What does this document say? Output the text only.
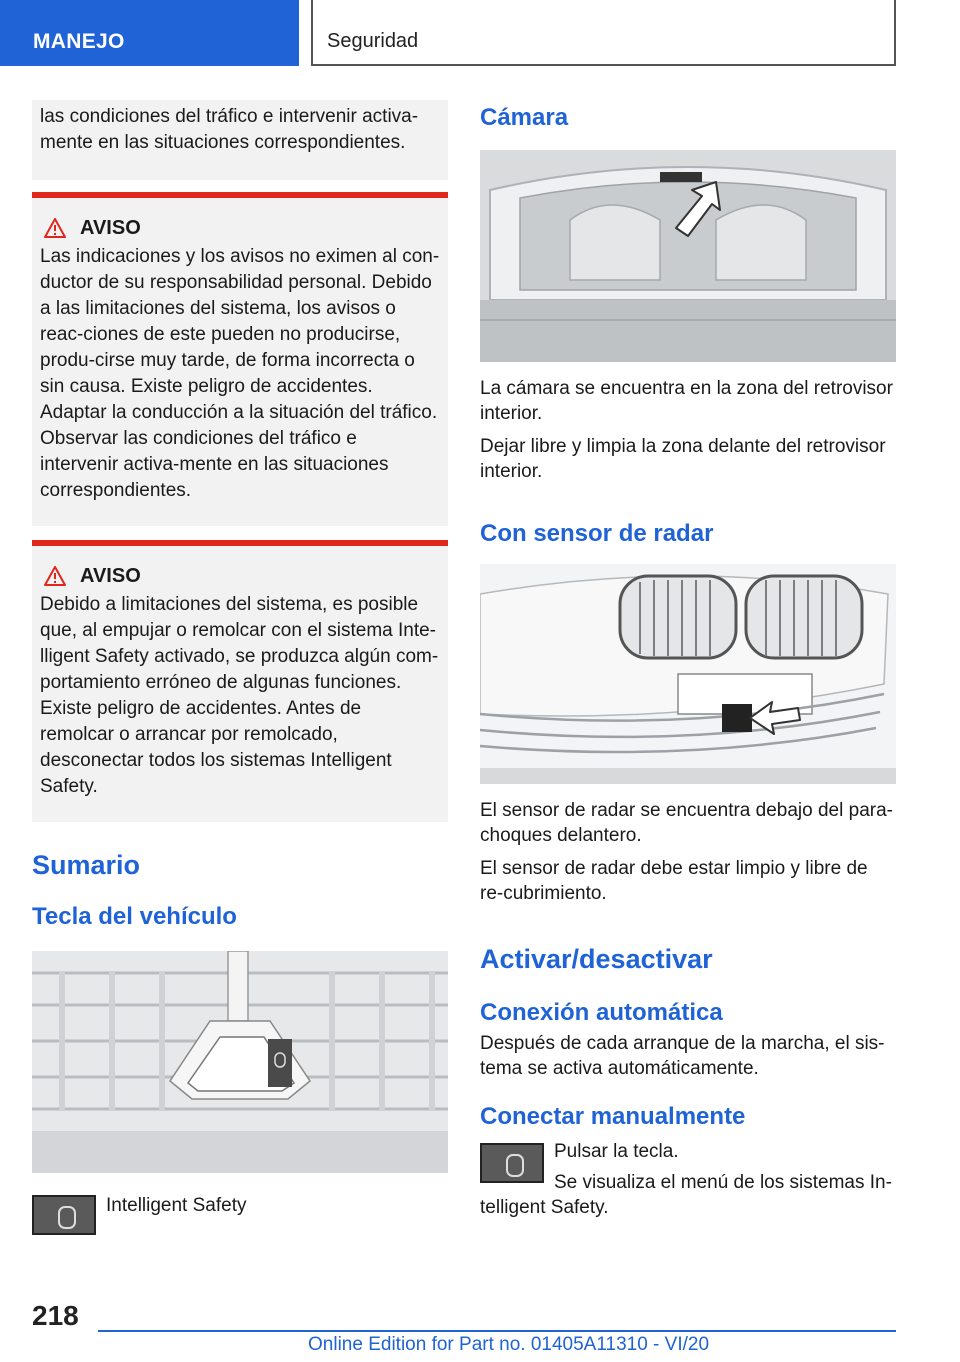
MANEJO	Seguridad

las condiciones del tráfico e intervenir activa-mente en las situaciones correspondientes.

AVISO

Las indicaciones y los avisos no eximen al con-ductor de su responsabilidad personal. Debido a las limitaciones del sistema, los avisos o reac-ciones de este pueden no producirse, produ-cirse muy tarde, de forma incorrecta o sin causa. Existe peligro de accidentes. Adaptar la conducción a la situación del tráfico. Observar las condiciones del tráfico e intervenir activa-mente en las situaciones correspondientes.

AVISO

Debido a limitaciones del sistema, es posible que, al empujar o remolcar con el sistema Inte-lligent Safety activado, se produzca algún com-portamiento erróneo de algunas funciones. Existe peligro de accidentes. Antes de remolcar o arrancar por remolcado, desconectar todos los sistemas Intelligent Safety.

Sumario
Tecla del vehículo

Intelligent Safety

Cámara

La cámara se encuentra en la zona del retrovisor interior.

Dejar libre y limpia la zona delante del retrovisor interior.

Con sensor de radar

El sensor de radar se encuentra debajo del para-choques delantero.

El sensor de radar debe estar limpio y libre de re-cubrimiento.

Activar/desactivar
Conexión automática

Después de cada arranque de la marcha, el sis-tema se activa automáticamente.

Conectar manualmente

Pulsar la tecla.

Se visualiza el menú de los sistemas In-telligent Safety.

218
Online Edition for Part no. 01405A11310 - VI/20
